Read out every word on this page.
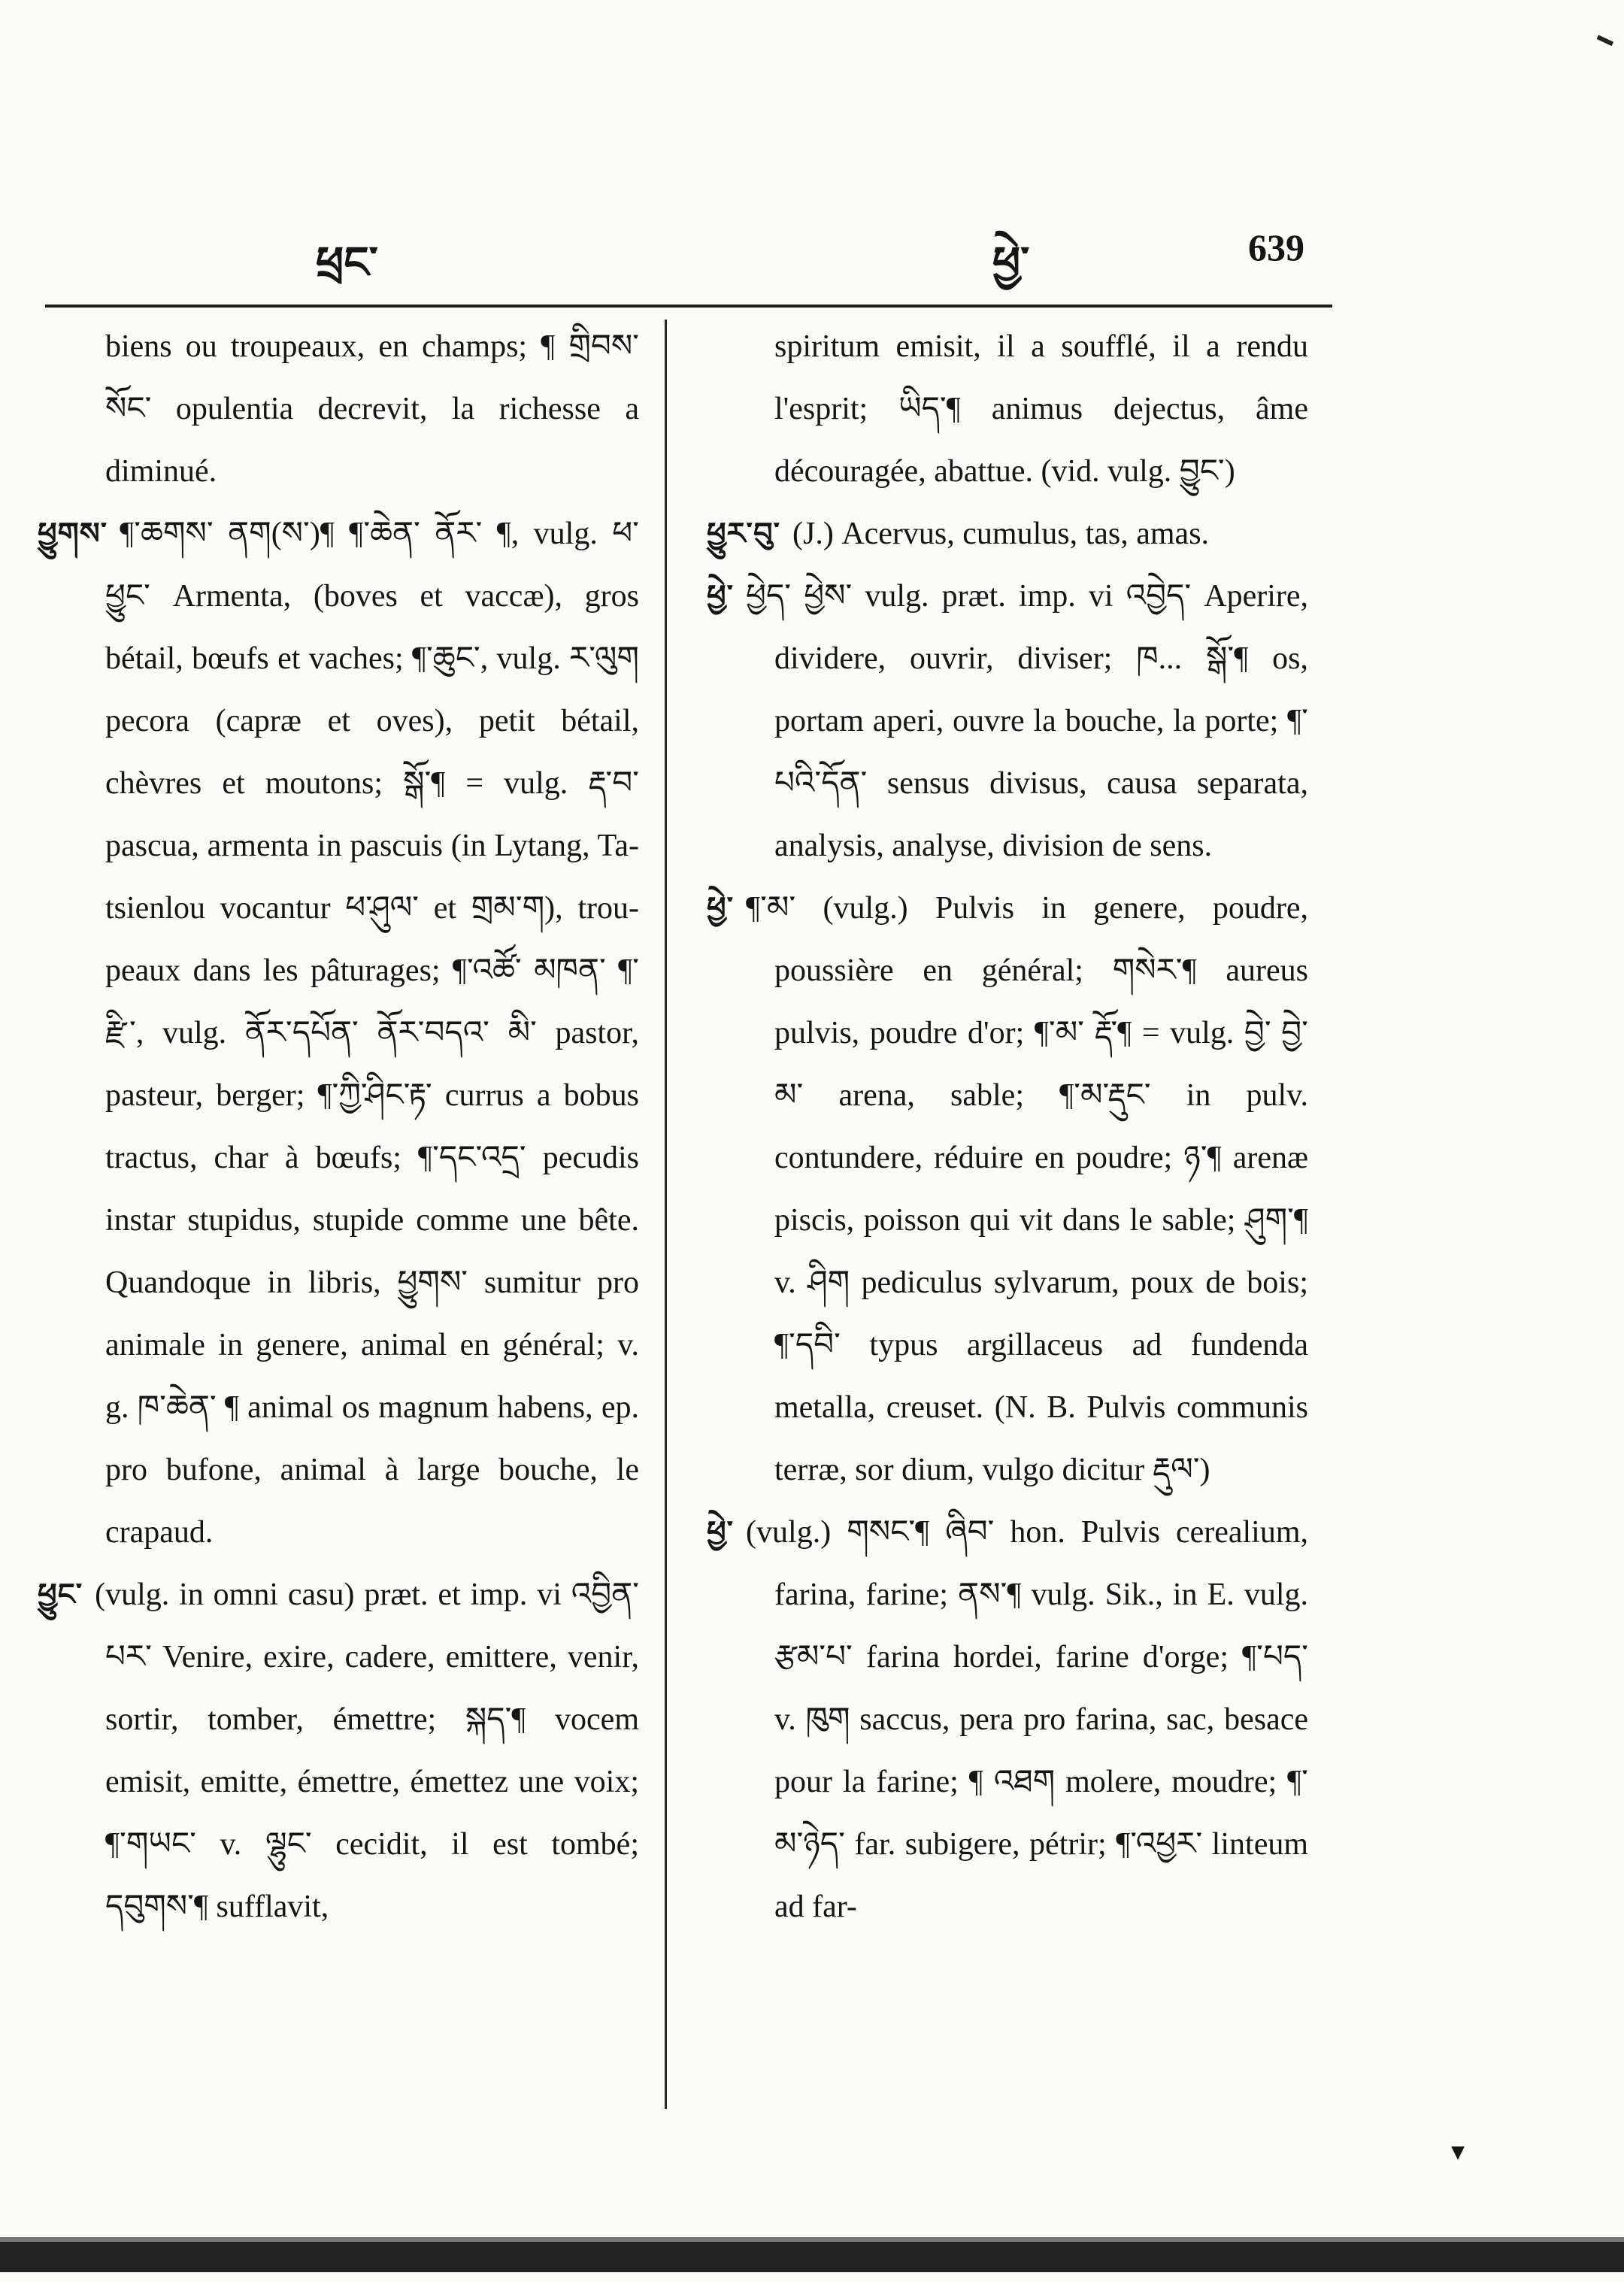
ཕྲང་	ཕྱེ་	639

biens ou troupeaux, en champs; ¶ གྲིབས་སོང་ opulentia decrevit, la richesse a diminué.

ཕྱུགས་ ¶་ཆགས་ ནག(ས་)¶ ¶་ཆེན་ ནོར་ ¶, vulg. ཕ་ཕྱུང་ Armenta, (boves et vaccæ), gros bétail, bœufs et vaches; ¶་ཆུང་, vulg. ར་ལུག pecora (capræ et oves), petit bétail, chèvres et moutons; སྒོ་¶ = vulg. རྡ་བ་ pascua, armenta in pascuis (in Lytang, Ta-tsienlou vocantur ཕ་ཤུལ་ et གྲམ་ག), troupeaux dans les pâturages; ¶་འཚོ་ མཁན་ ¶་རྫི་, vulg. ནོར་དཔོན་ ནོར་བདའ་ མི་ pastor, pasteur, berger; ¶་ཀྱི་ཤིང་རྟ་ currus a bobus tractus, char à bœufs; ¶་དང་འདྲ་ pecudis instar stupidus, stupide comme une bête. Quandoque in libris, ཕྱུགས་ sumitur pro animale in genere, animal en général; v. g. ཁ་ཆེན་ ¶ animal os magnum habens, ep. pro bufone, animal à large bouche, le crapaud.

ཕྱུང་ (vulg. in omni casu) præt. et imp. vi འབྱིན་པར་ Venire, exire, cadere, emittere, venir, sortir, tomber, émettre; སྐད་¶ vocem emisit, emitte, émettre, émettez une voix; ¶་གཡང་ v. ལྷུང་ cecidit, il est tombé; དབུགས་¶ sufflavit,

spiritum emisit, il a soufflé, il a rendu l'esprit; ཡིད་¶ animus dejectus, âme découragée, abattue. (vid. vulg. བྱུང་)

ཕྱུར་བུ་ (J.) Acervus, cumulus, tas, amas.

ཕྱེ་ ཕྱེད་ ཕྱེས་ vulg. præt. imp. vi འབྱེད་ Aperire, dividere, ouvrir, diviser; ཁ... སྒོ་¶ os, portam aperi, ouvre la bouche, la porte; ¶་པའི་དོན་ sensus divisus, causa separata, analysis, analyse, division de sens.

ཕྱེ་ ¶་མ་ (vulg.) Pulvis in genere, poudre, poussière en général; གསེར་¶ aureus pulvis, poudre d'or; ¶་མ་ རྡོ་¶ = vulg. བྱེ་ བྱེ་མ་ arena, sable; ¶་མ་རྡུང་ in pulv. contundere, réduire en poudre; ཉ་¶ arenæ piscis, poisson qui vit dans le sable; ཤུག་¶ v. ཤིག pediculus sylvarum, poux de bois; ¶་དབི་ typus argillaceus ad fundenda metalla, creuset. (N. B. Pulvis communis terræ, sor dium, vulgo dicitur རྡུལ་)

ཕྱེ་ (vulg.) གསང་¶ ཞིབ་ hon. Pulvis cerealium, farina, farine; ནས་¶ vulg. Sik., in E. vulg. རྩམ་པ་ farina hordei, farine d'orge; ¶་པད་ v. ཁུག saccus, pera pro farina, sac, besace pour la farine; ¶ འཐག molere, moudre; ¶་མ་ཉེད་ far. subigere, pétrir; ¶་འཕྱར་ linteum ad far-

▾
